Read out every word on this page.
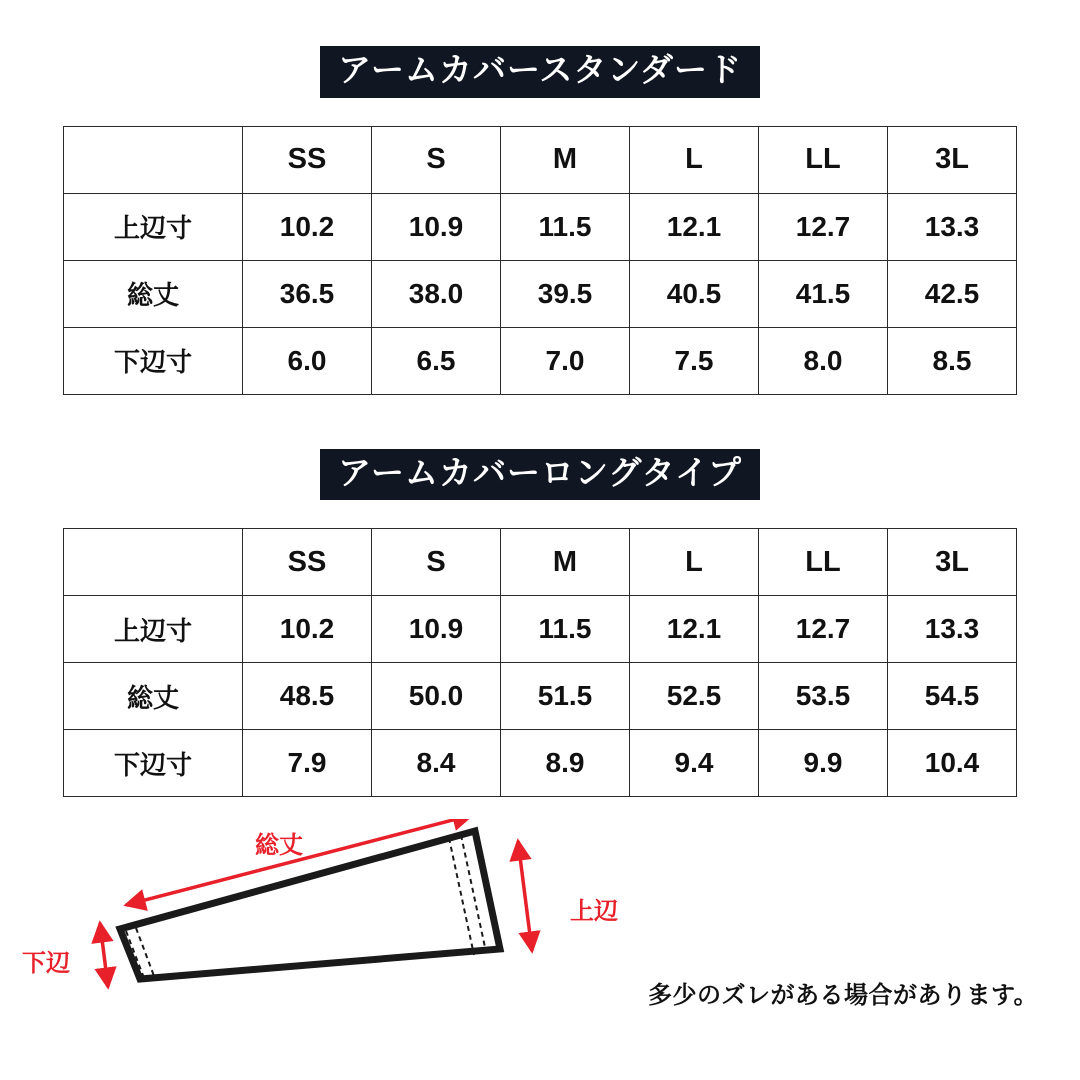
アームカバースタンダード
	SS	S	M	L	LL	3L
上辺寸	10.2	10.9	11.5	12.1	12.7	13.3
総丈	36.5	38.0	39.5	40.5	41.5	42.5
下辺寸	6.0	6.5	7.0	7.5	8.0	8.5
アームカバーロングタイプ
	SS	S	M	L	LL	3L
上辺寸	10.2	10.9	11.5	12.1	12.7	13.3
総丈	48.5	50.0	51.5	52.5	53.5	54.5
下辺寸	7.9	8.4	8.9	9.4	9.9	10.4
総丈
上辺
下辺
多少のズレがある場合があります。
